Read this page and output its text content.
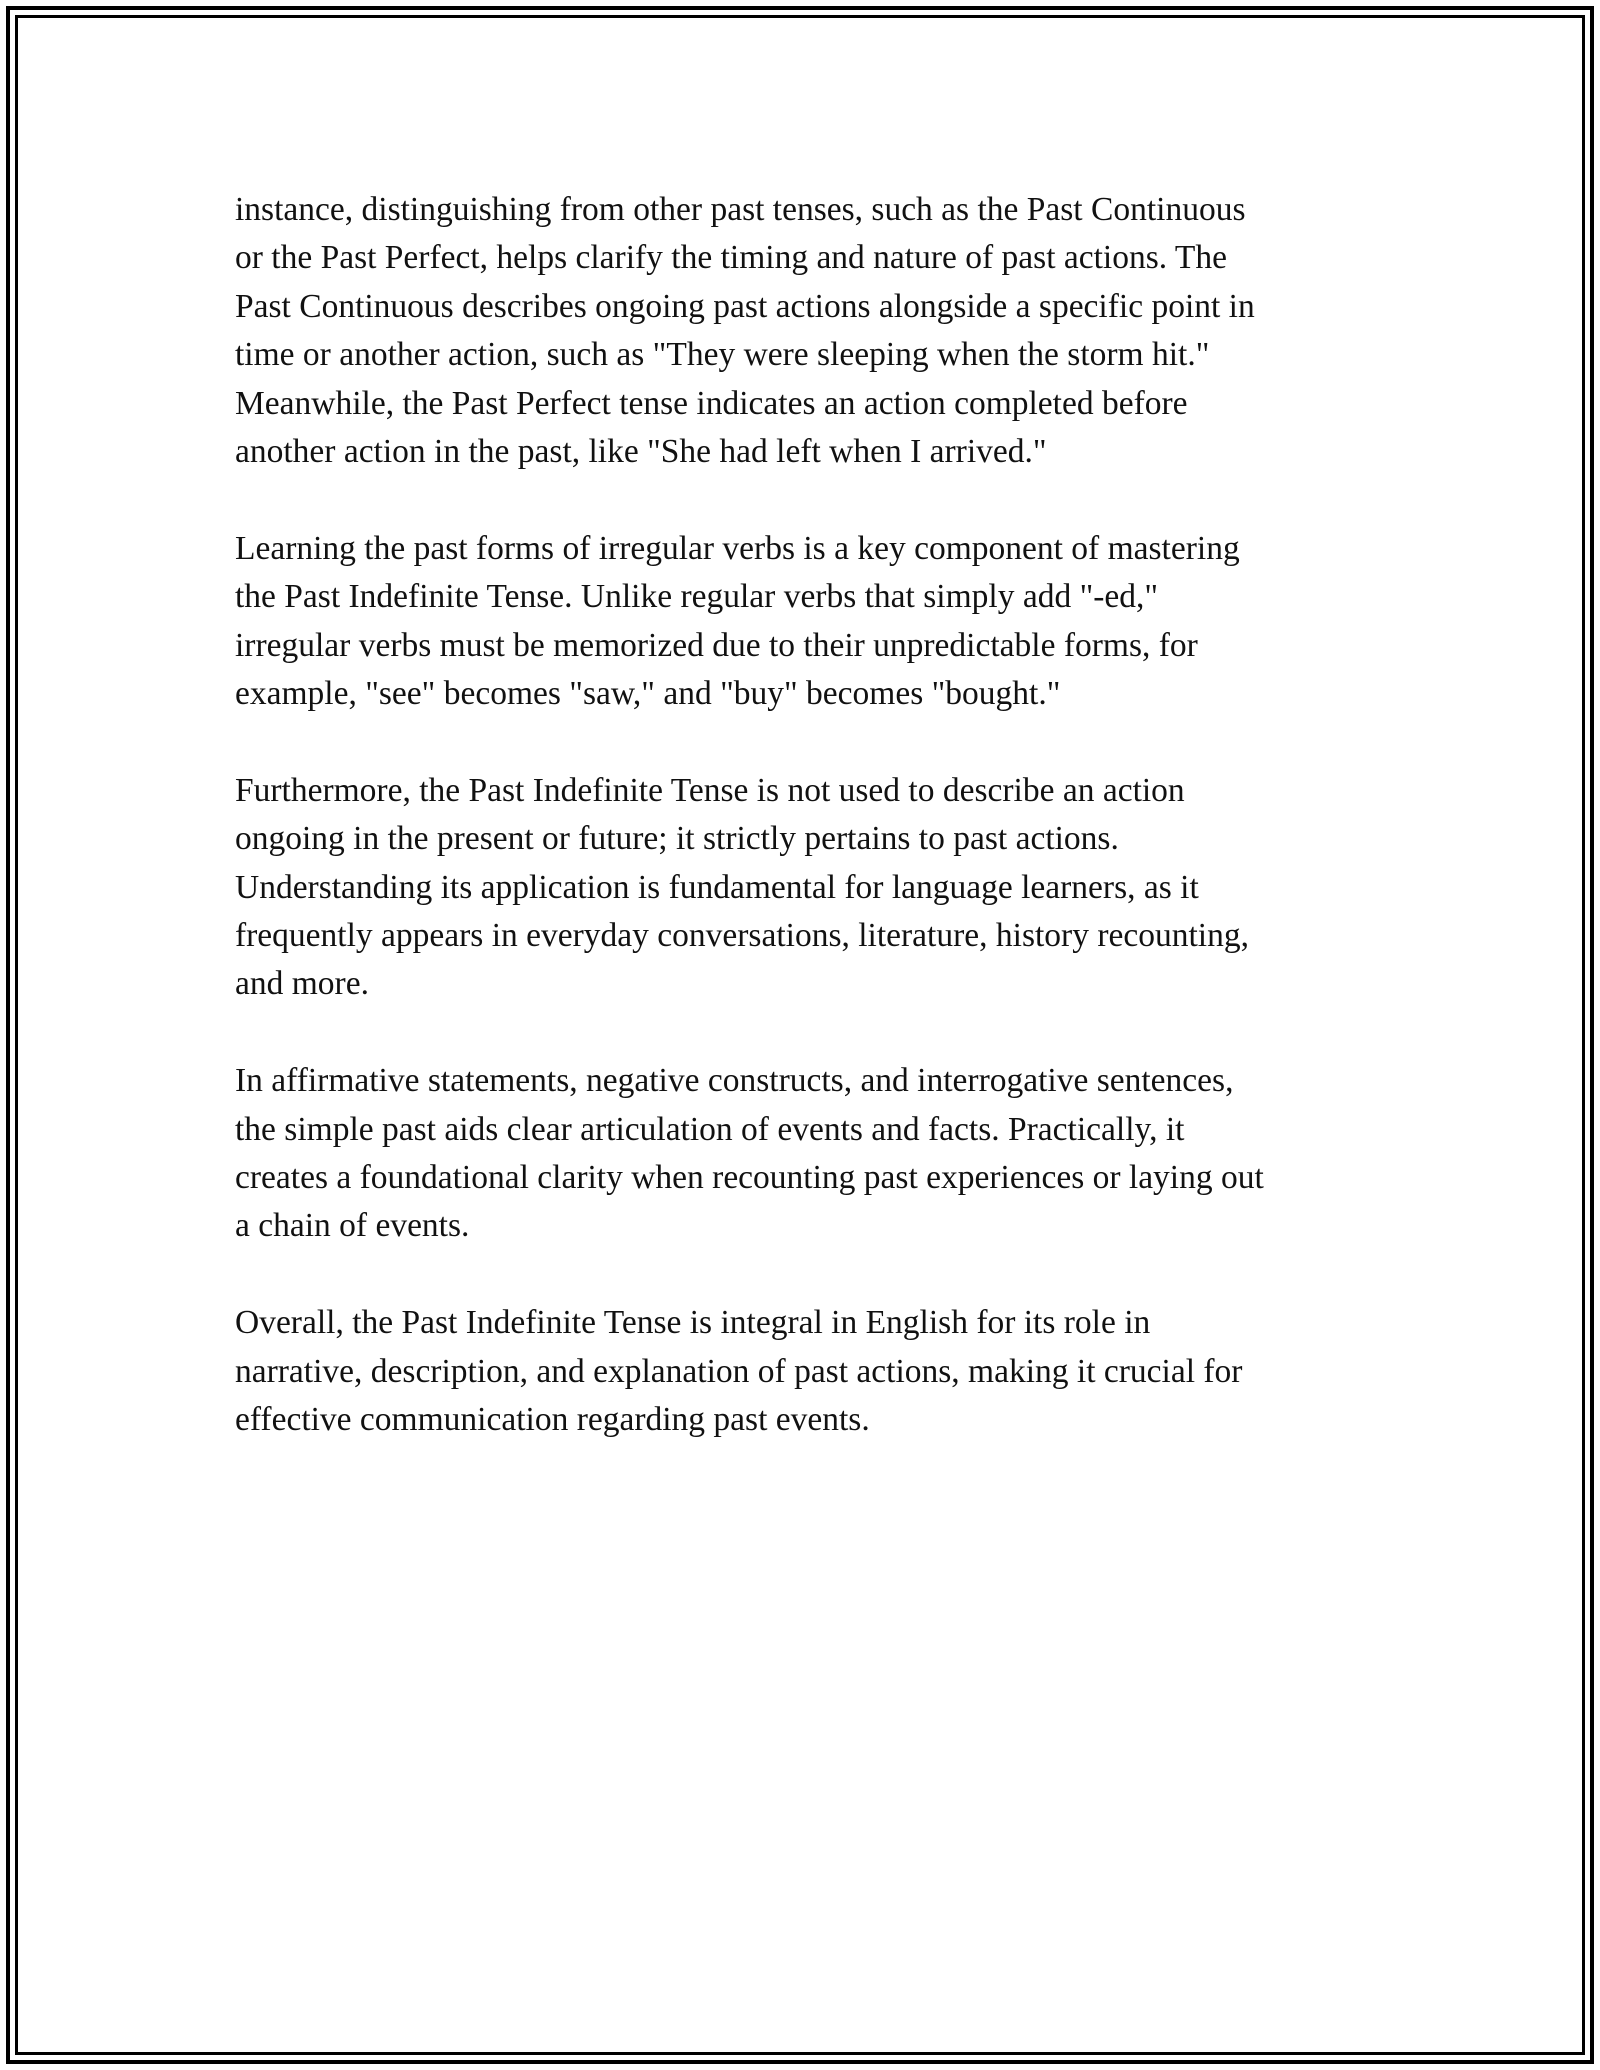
instance, distinguishing from other past tenses, such as the Past Continuous
or the Past Perfect, helps clarify the timing and nature of past actions. The
Past Continuous describes ongoing past actions alongside a specific point in
time or another action, such as "They were sleeping when the storm hit."
Meanwhile, the Past Perfect tense indicates an action completed before
another action in the past, like "She had left when I arrived."

Learning the past forms of irregular verbs is a key component of mastering
the Past Indefinite Tense. Unlike regular verbs that simply add "-ed,"
irregular verbs must be memorized due to their unpredictable forms, for
example, "see" becomes "saw," and "buy" becomes "bought."

Furthermore, the Past Indefinite Tense is not used to describe an action
ongoing in the present or future; it strictly pertains to past actions.
Understanding its application is fundamental for language learners, as it
frequently appears in everyday conversations, literature, history recounting,
and more.

In affirmative statements, negative constructs, and interrogative sentences,
the simple past aids clear articulation of events and facts. Practically, it
creates a foundational clarity when recounting past experiences or laying out
a chain of events.

Overall, the Past Indefinite Tense is integral in English for its role in
narrative, description, and explanation of past actions, making it crucial for
effective communication regarding past events.
